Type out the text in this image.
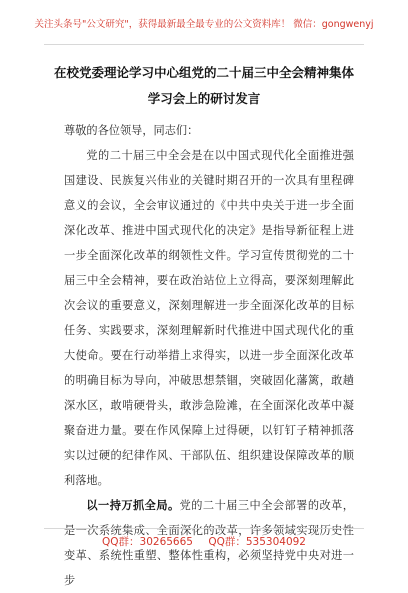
关注头条号"公文研究"，获得最新最全最专业的公文资料库！ 微信：gongwenyj
在校党委理论学习中心组党的二十届三中全会精神集体学习会上的研讨发言

尊敬的各位领导，同志们：

党的二十届三中全会是在以中国式现代化全面推进强国建设、民族复兴伟业的关键时期召开的一次具有里程碑意义的会议，全会审议通过的《中共中央关于进一步全面深化改革、推进中国式现代化的决定》是指导新征程上进一步全面深化改革的纲领性文件。学习宣传贯彻党的二十届三中全会精神，要在政治站位上立得高，要深刻理解此次会议的重要意义，深刻理解进一步全面深化改革的目标任务、实践要求，深刻理解新时代推进中国式现代化的重大使命。要在行动举措上求得实，以进一步全面深化改革的明确目标为导向，冲破思想禁锢，突破固化藩篱，敢趟深水区，敢啃硬骨头，敢涉急险滩，在全面深化改革中凝聚奋进力量。要在作风保障上过得硬，以钉钉子精神抓落实以过硬的纪律作风、干部队伍、组织建设保障改革的顺利落地。

以一持万抓全局。党的二十届三中全会部署的改革，是一次系统集成、全面深化的改革，许多领域实现历史性变革、系统性重塑、整体性重构，必须坚持党中央对进一步

QQ群：30265665 QQ群：535304092
